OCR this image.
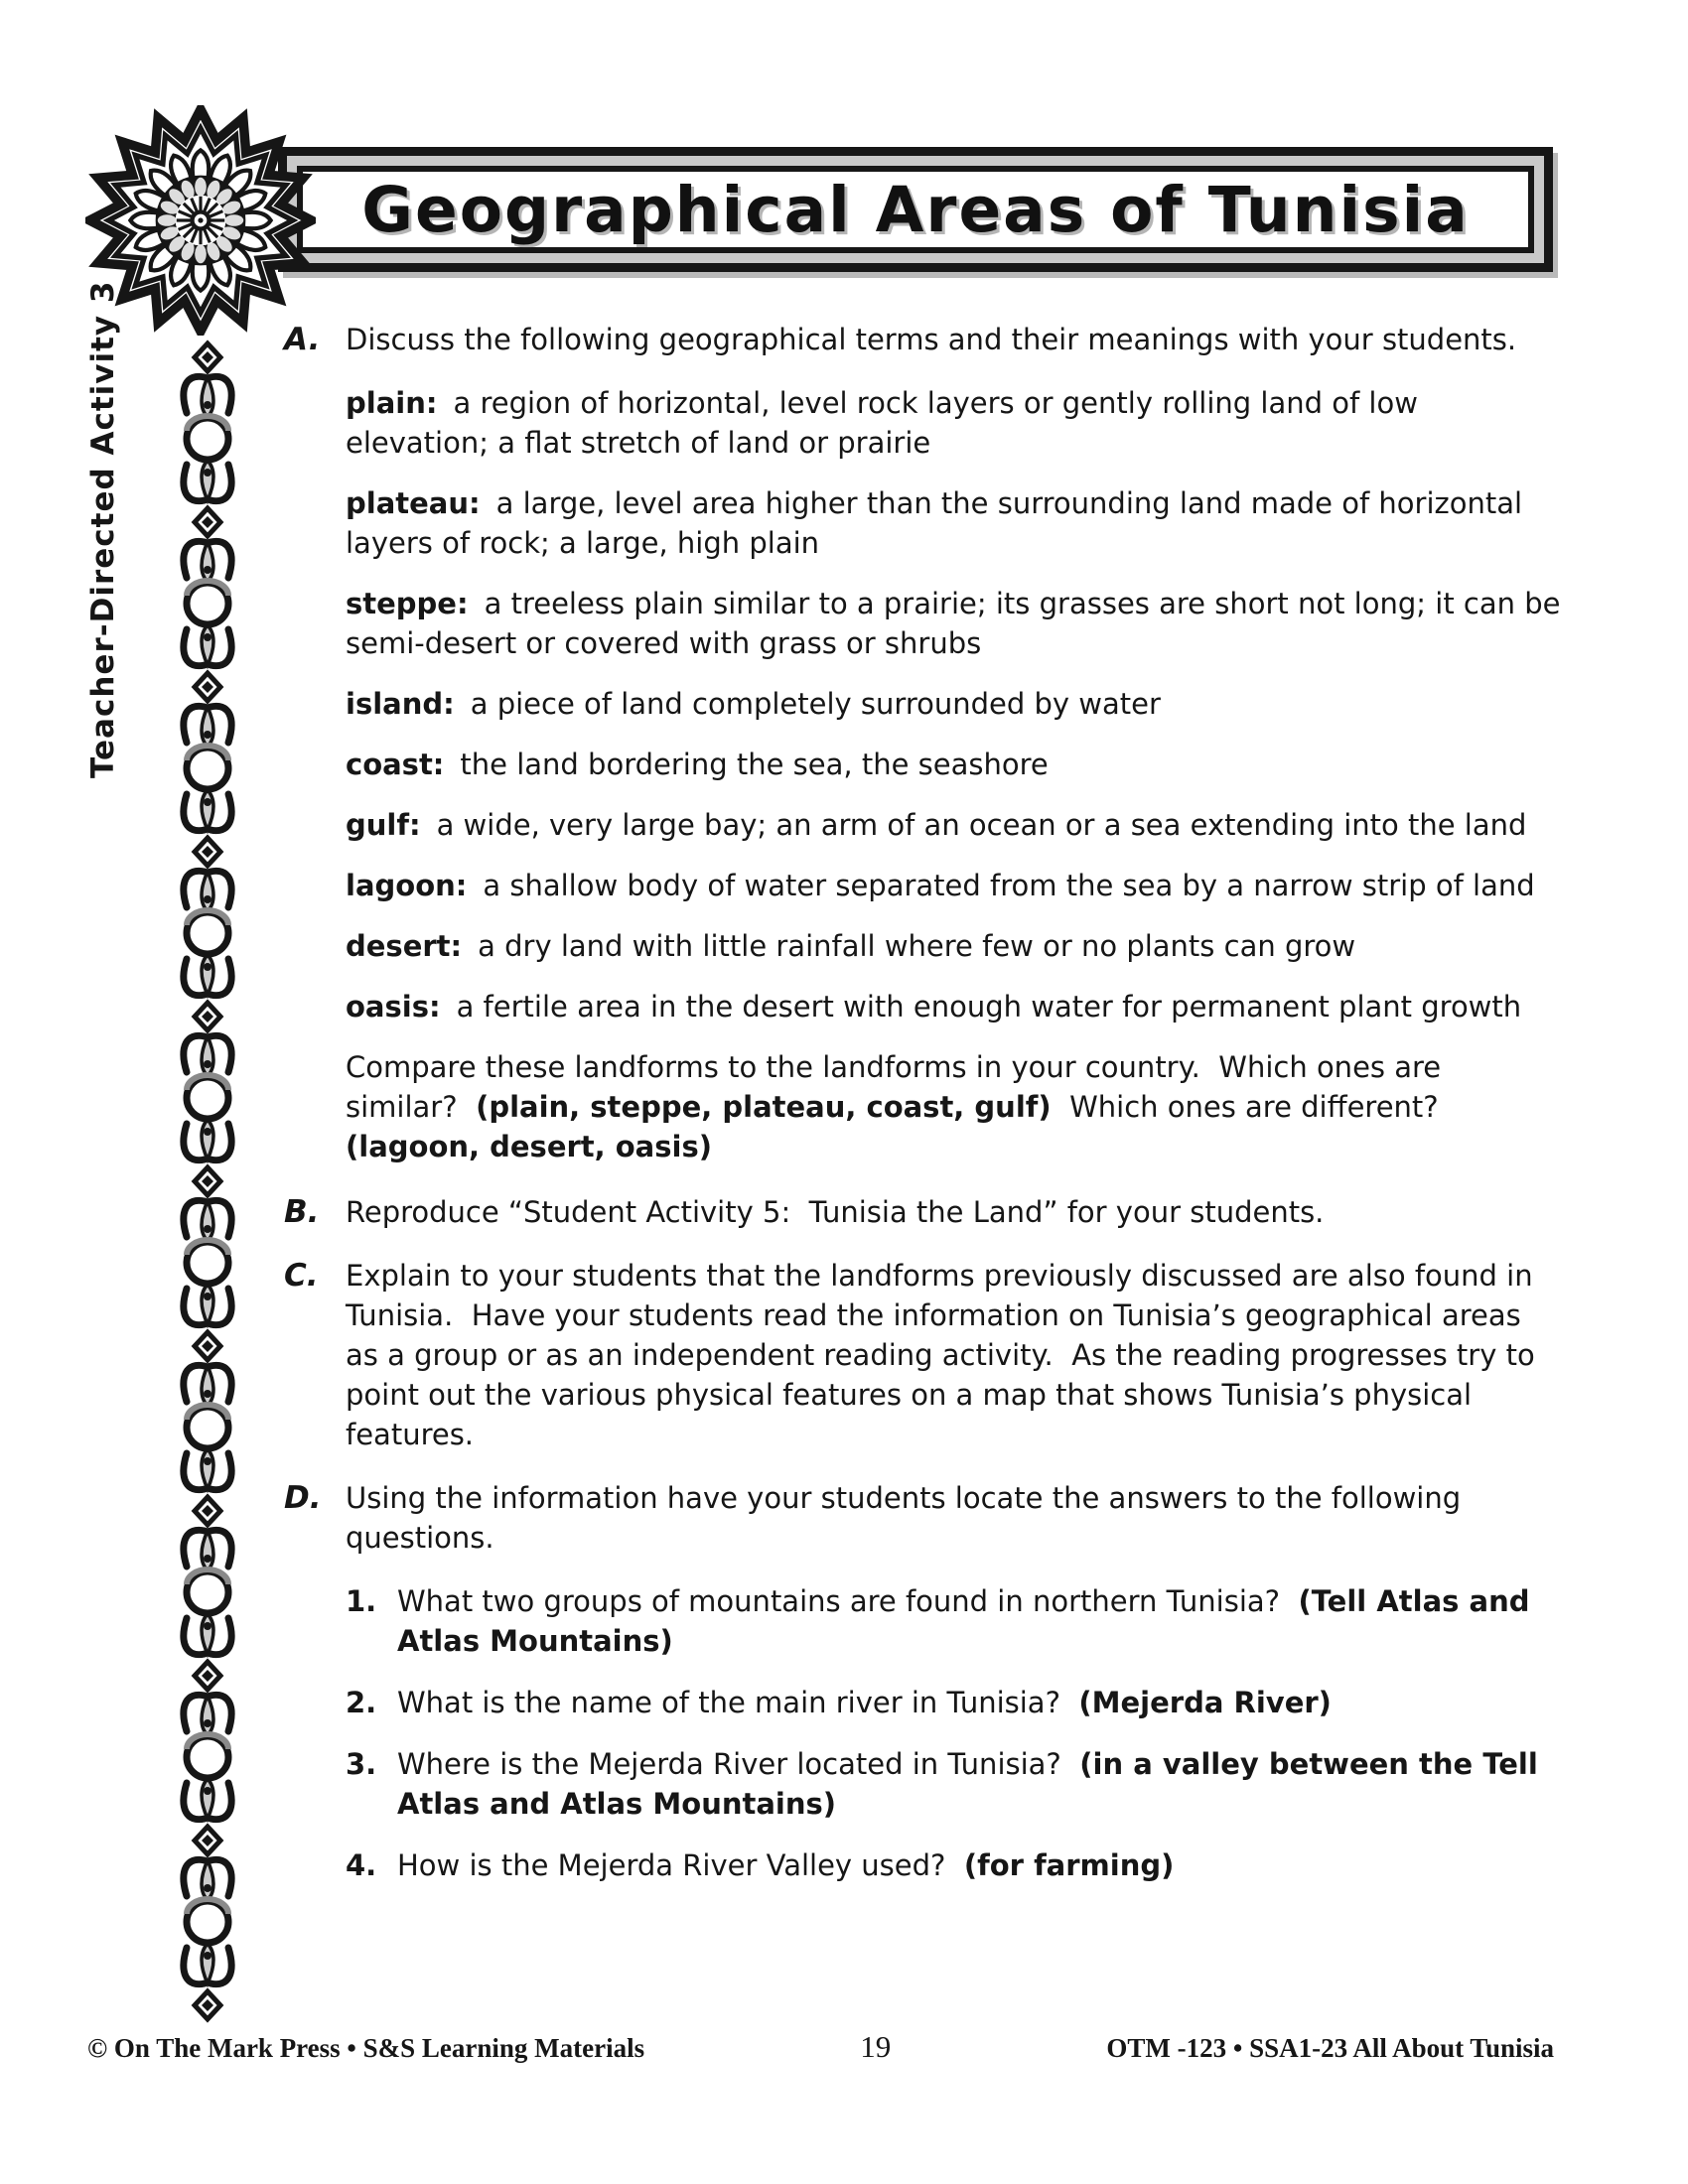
Geographical Areas of Tunisia
Teacher-Directed Activity 3	A. Discuss the following geographical terms and their meanings with your students.

plain: a region of horizontal, level rock layers or gently rolling land of low elevation; a flat stretch of land or prairie

plateau: a large, level area higher than the surrounding land made of horizontal layers of rock; a large, high plain

steppe: a treeless plain similar to a prairie; its grasses are short not long; it can be semi-desert or covered with grass or shrubs

island: a piece of land completely surrounded by water

coast: the land bordering the sea, the seashore

gulf: a wide, very large bay; an arm of an ocean or a sea extending into the land

lagoon: a shallow body of water separated from the sea by a narrow strip of land

desert: a dry land with little rainfall where few or no plants can grow

oasis: a fertile area in the desert with enough water for permanent plant growth

Compare these landforms to the landforms in your country.  Which ones are similar?  (plain, steppe, plateau, coast, gulf)  Which ones are different? (lagoon, desert, oasis)

B. Reproduce “Student Activity 5:  Tunisia the Land” for your students.
C. Explain to your students that the landforms previously discussed are also found in Tunisia.  Have your students read the information on Tunisia’s geographical areas as a group or as an independent reading activity.  As the reading progresses try to point out the various physical features on a map that shows Tunisia’s physical features.
D. Using the information have your students locate the answers to the following questions.
1. What two groups of mountains are found in northern Tunisia?  (Tell Atlas and Atlas Mountains)
2. What is the name of the main river in Tunisia?  (Mejerda River)
3. Where is the Mejerda River located in Tunisia?  (in a valley between the Tell Atlas and Atlas Mountains)
4. How is the Mejerda River Valley used?  (for farming)
© On The Mark Press • S&S Learning Materials	19	OTM -123 • SSA1-23 All About Tunisia
